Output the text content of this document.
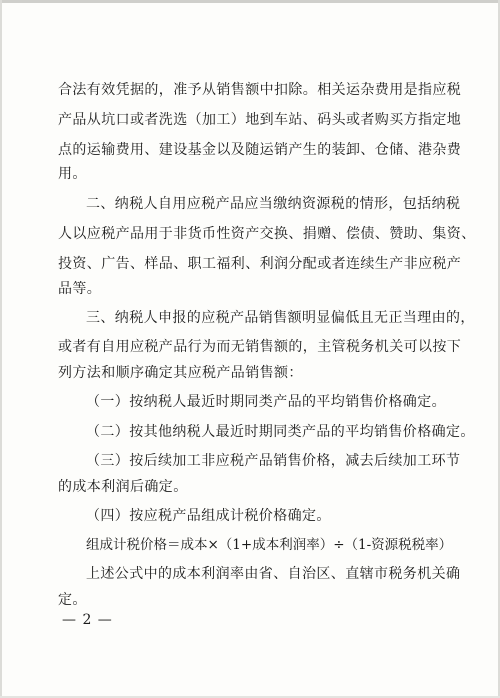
合法有效凭据的，准予从销售额中扣除。相关运杂费用是指应税
产品从坑口或者洗选（加工）地到车站、码头或者购买方指定地
点的运输费用、建设基金以及随运销产生的装卸、仓储、港杂费
用。
二、纳税人自用应税产品应当缴纳资源税的情形，包括纳税
人以应税产品用于非货币性资产交换、捐赠、偿债、赞助、集资、
投资、广告、样品、职工福利、利润分配或者连续生产非应税产
品等。
三、纳税人申报的应税产品销售额明显偏低且无正当理由的，
或者有自用应税产品行为而无销售额的，主管税务机关可以按下
列方法和顺序确定其应税产品销售额：
（一）按纳税人最近时期同类产品的平均销售价格确定。
（二）按其他纳税人最近时期同类产品的平均销售价格确定。
（三）按后续加工非应税产品销售价格，减去后续加工环节
的成本利润后确定。
（四）按应税产品组成计税价格确定。
组成计税价格＝成本×（1+成本利润率）÷（1-资源税税率）
上述公式中的成本利润率由省、自治区、直辖市税务机关确
定。
— 2 —
